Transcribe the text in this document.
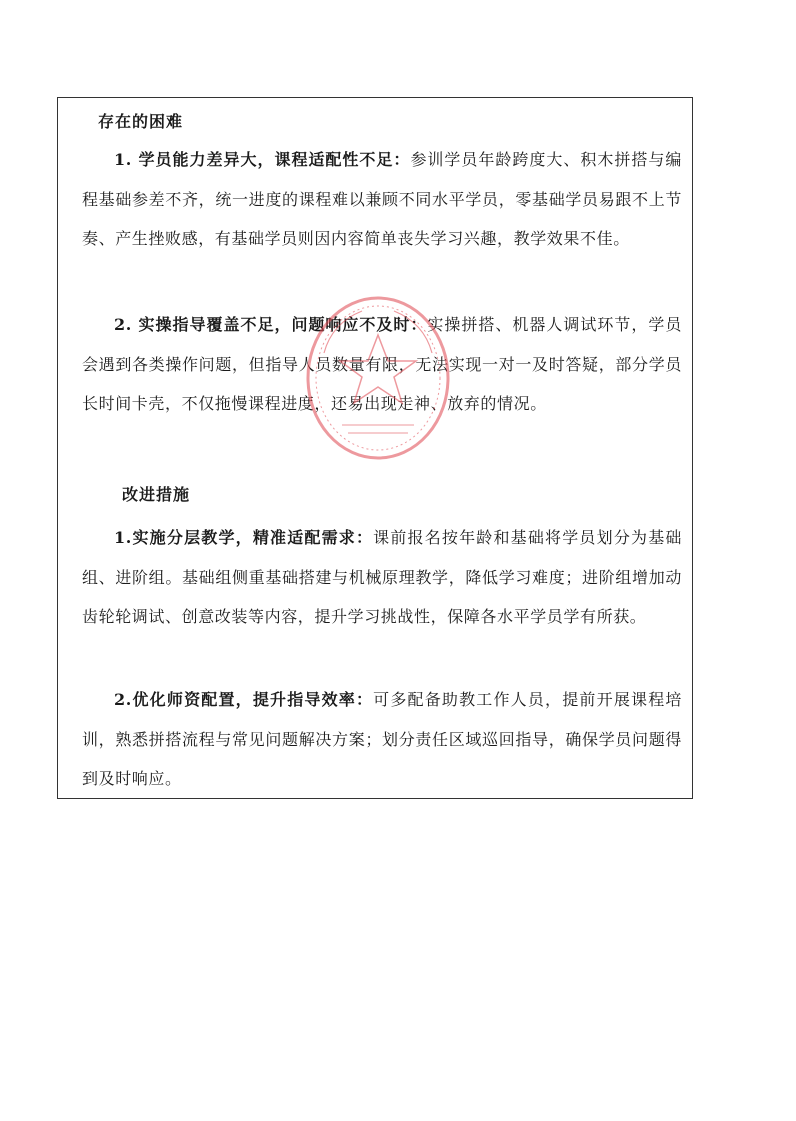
存在的困难
1. 学员能力差异大，课程适配性不足：参训学员年龄跨度大、积木拼搭与编程基础参差不齐，统一进度的课程难以兼顾不同水平学员，零基础学员易跟不上节奏、产生挫败感，有基础学员则因内容简单丧失学习兴趣，教学效果不佳。
2. 实操指导覆盖不足，问题响应不及时：实操拼搭、机器人调试环节，学员会遇到各类操作问题，但指导人员数量有限，无法实现一对一及时答疑，部分学员长时间卡壳，不仅拖慢课程进度，还易出现走神、放弃的情况。
改进措施
1.实施分层教学，精准适配需求：课前报名按年龄和基础将学员划分为基础组、进阶组。基础组侧重基础搭建与机械原理教学，降低学习难度；进阶组增加动齿轮轮调试、创意改装等内容，提升学习挑战性，保障各水平学员学有所获。
2.优化师资配置，提升指导效率：可多配备助教工作人员，提前开展课程培训，熟悉拼搭流程与常见问题解决方案；划分责任区域巡回指导，确保学员问题得到及时响应。
